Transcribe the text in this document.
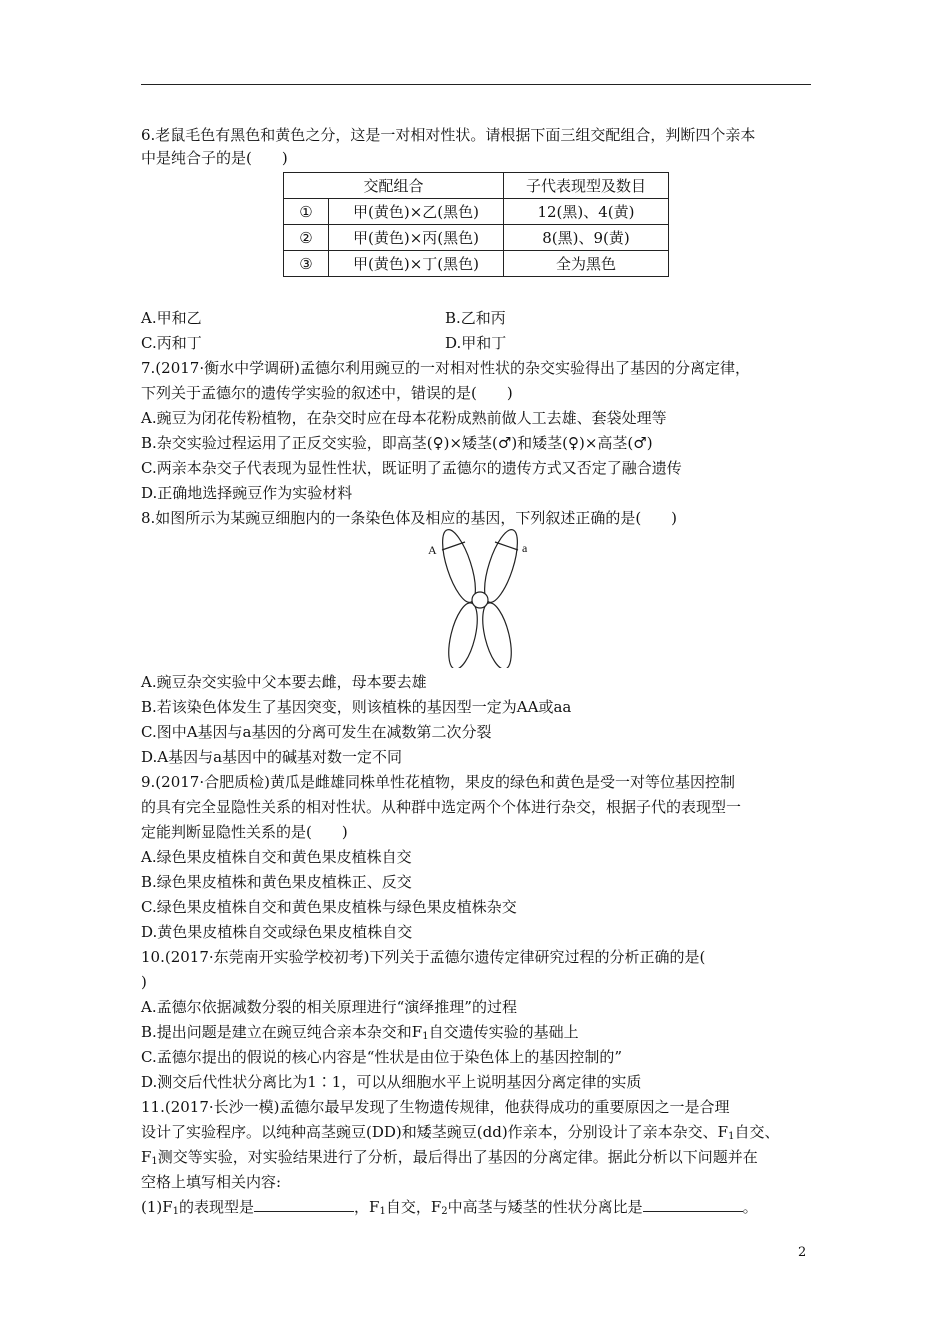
6.老鼠毛色有黑色和黄色之分，这是一对相对性状。请根据下面三组交配组合，判断四个亲本
中是纯合子的是(　　)
交配组合		子代表现型及数目
①	甲(黄色)×乙(黑色)	12(黑)、4(黄)
②	甲(黄色)×丙(黑色)	8(黑)、9(黄)
③	甲(黄色)×丁(黑色)	全为黑色
A.甲和乙	B.乙和丙
C.丙和丁	D.甲和丁
7.(2017·衡水中学调研)孟德尔利用豌豆的一对相对性状的杂交实验得出了基因的分离定律，
下列关于孟德尔的遗传学实验的叙述中，错误的是(　　)
A.豌豆为闭花传粉植物，在杂交时应在母本花粉成熟前做人工去雄、套袋处理等
B.杂交实验过程运用了正反交实验，即高茎(♀)×矮茎(♂)和矮茎(♀)×高茎(♂)
C.两亲本杂交子代表现为显性性状，既证明了孟德尔的遗传方式又否定了融合遗传
D.正确地选择豌豆作为实验材料
8.如图所示为某豌豆细胞内的一条染色体及相应的基因，下列叙述正确的是(　　)
A	a
A.豌豆杂交实验中父本要去雌，母本要去雄
B.若该染色体发生了基因突变，则该植株的基因型一定为AA或aa
C.图中A基因与a基因的分离可发生在减数第二次分裂
D.A基因与a基因中的碱基对数一定不同
9.(2017·合肥质检)黄瓜是雌雄同株单性花植物，果皮的绿色和黄色是受一对等位基因控制
的具有完全显隐性关系的相对性状。从种群中选定两个个体进行杂交，根据子代的表现型一
定能判断显隐性关系的是(　　)
A.绿色果皮植株自交和黄色果皮植株自交
B.绿色果皮植株和黄色果皮植株正、反交
C.绿色果皮植株自交和黄色果皮植株与绿色果皮植株杂交
D.黄色果皮植株自交或绿色果皮植株自交
10.(2017·东莞南开实验学校初考)下列关于孟德尔遗传定律研究过程的分析正确的是(
)
A.孟德尔依据减数分裂的相关原理进行“演绎推理”的过程
B.提出问题是建立在豌豆纯合亲本杂交和$F_1$自交遗传实验的基础上
C.孟德尔提出的假说的核心内容是“性状是由位于染色体上的基因控制的”
D.测交后代性状分离比为1∶1，可以从细胞水平上说明基因分离定律的实质
11.(2017·长沙一模)孟德尔最早发现了生物遗传规律，他获得成功的重要原因之一是合理
设计了实验程序。以纯种高茎豌豆(DD)和矮茎豌豆(dd)作亲本，分别设计了亲本杂交、$F_1$自交、
$F_1$测交等实验，对实验结果进行了分析，最后得出了基因的分离定律。据此分析以下问题并在
空格上填写相关内容:
$(1)F_1$的表现型是	，$F_1$自交，$F_2$中高茎与矮茎的性状分离比是	。
2
